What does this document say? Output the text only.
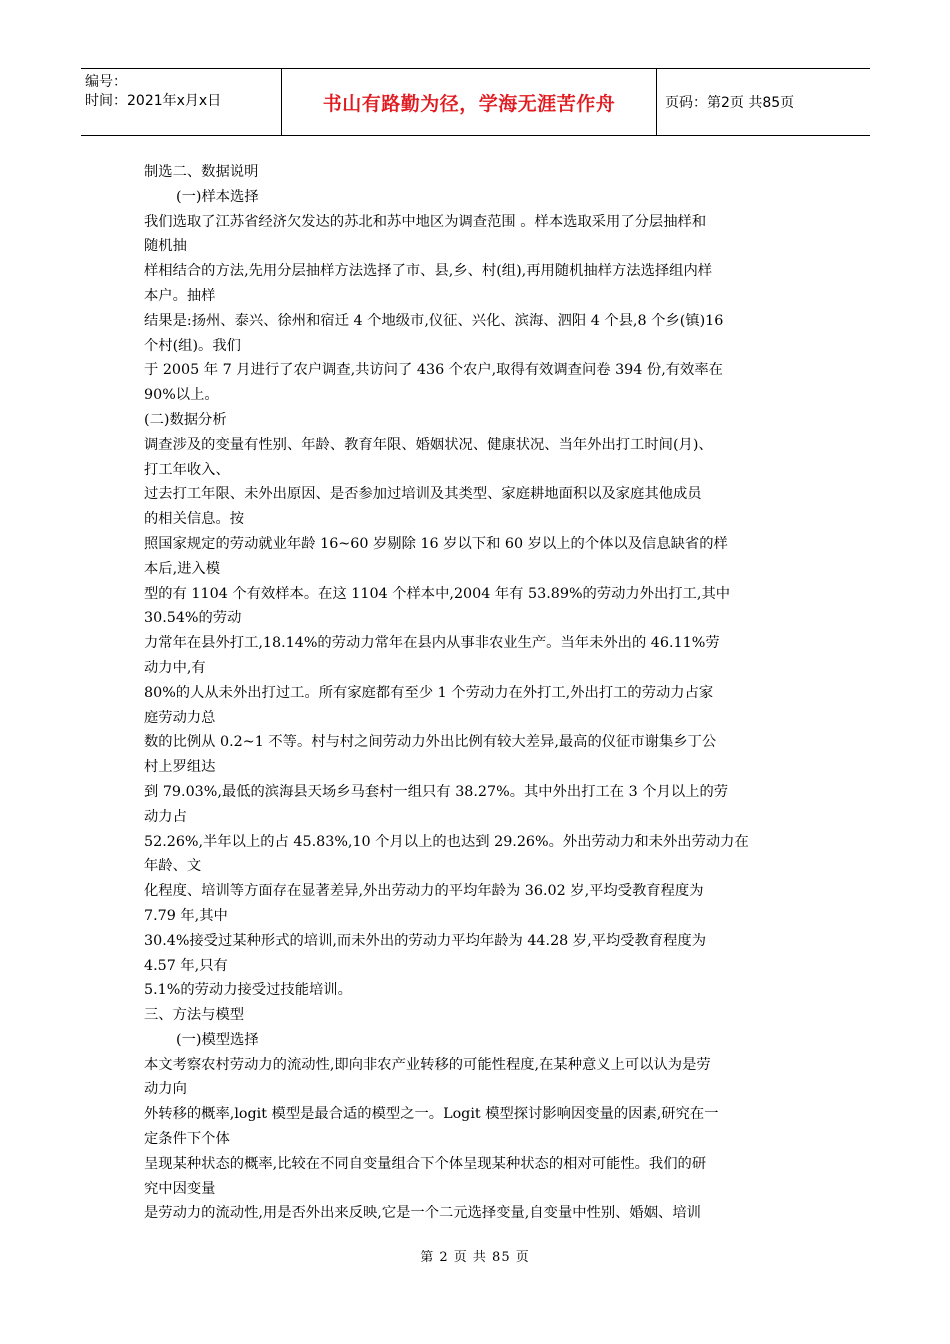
编号：
时间：2021年x月x日	书山有路勤为径，学海无涯苦作舟	页码：第2页 共85页

制选二、数据说明

(一)样本选择

我们选取了江苏省经济欠发达的苏北和苏中地区为调查范围 。样本选取采用了分层抽样和

随机抽

样相结合的方法,先用分层抽样方法选择了市、县,乡、村(组),再用随机抽样方法选择组内样

本户。抽样

结果是:扬州、泰兴、徐州和宿迁 4 个地级市,仪征、兴化、滨海、泗阳 4 个县,8 个乡(镇)16

个村(组)。我们

于 2005 年 7 月进行了农户调查,共访问了 436 个农户,取得有效调查问卷 394 份,有效率在

90%以上。

(二)数据分析

调查涉及的变量有性别、年龄、教育年限、婚姻状况、健康状况、当年外出打工时间(月)、

打工年收入、

过去打工年限、未外出原因、是否参加过培训及其类型、家庭耕地面积以及家庭其他成员

的相关信息。按

照国家规定的劳动就业年龄 16~60 岁剔除 16 岁以下和 60 岁以上的个体以及信息缺省的样

本后,进入模

型的有 1104 个有效样本。在这 1104 个样本中,2004 年有 53.89%的劳动力外出打工,其中

30.54%的劳动

力常年在县外打工,18.14%的劳动力常年在县内从事非农业生产。当年未外出的 46.11%劳

动力中,有

80%的人从未外出打过工。所有家庭都有至少 1 个劳动力在外打工,外出打工的劳动力占家

庭劳动力总

数的比例从 0.2~1 不等。村与村之间劳动力外出比例有较大差异,最高的仪征市谢集乡丁公

村上罗组达

到 79.03%,最低的滨海县天场乡马套村一组只有 38.27%。其中外出打工在 3 个月以上的劳

动力占

52.26%,半年以上的占 45.83%,10 个月以上的也达到 29.26%。外出劳动力和未外出劳动力在

年龄、文

化程度、培训等方面存在显著差异,外出劳动力的平均年龄为 36.02 岁,平均受教育程度为

7.79 年,其中

30.4%接受过某种形式的培训,而未外出的劳动力平均年龄为 44.28 岁,平均受教育程度为

4.57 年,只有

5.1%的劳动力接受过技能培训。

三、方法与模型

(一)模型选择

本文考察农村劳动力的流动性,即向非农产业转移的可能性程度,在某种意义上可以认为是劳

动力向

外转移的概率,logit 模型是最合适的模型之一。Logit 模型探讨影响因变量的因素,研究在一

定条件下个体

呈现某种状态的概率,比较在不同自变量组合下个体呈现某种状态的相对可能性。我们的研

究中因变量

是劳动力的流动性,用是否外出来反映,它是一个二元选择变量,自变量中性别、婚姻、培训

第 2 页 共 85 页
